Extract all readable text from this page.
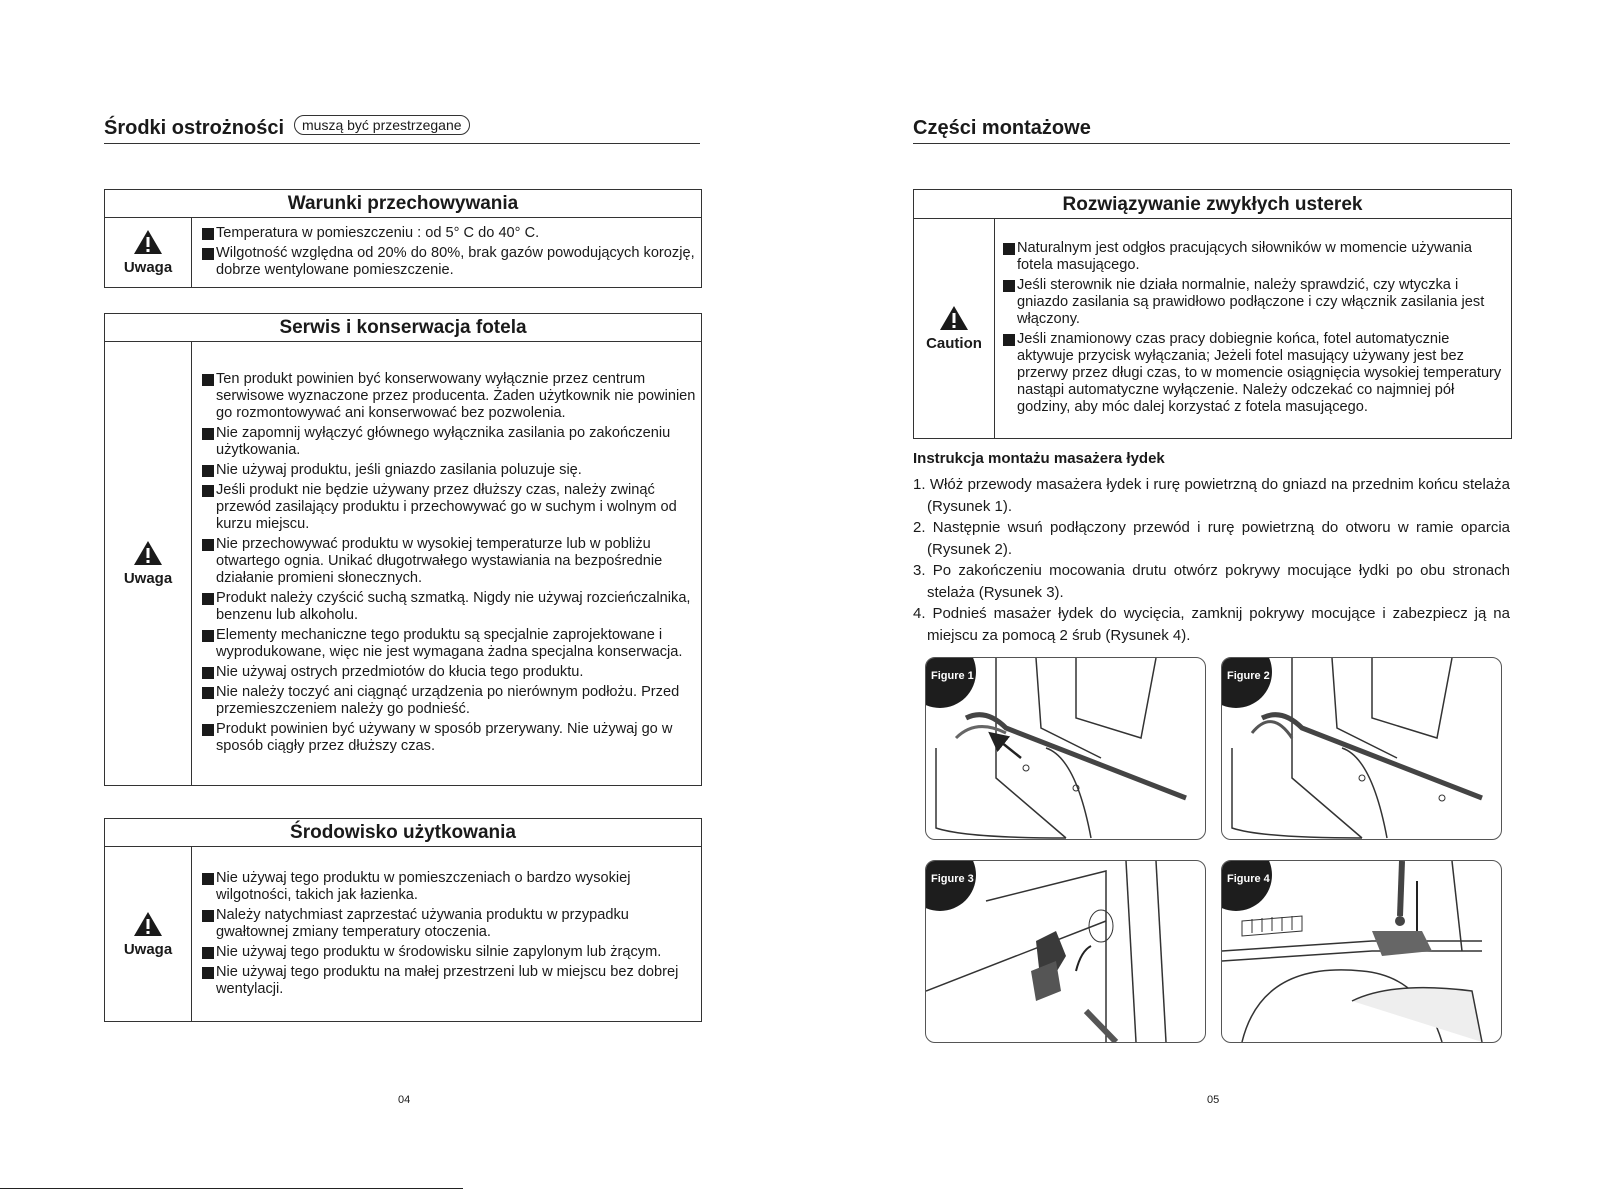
Środki ostrożności	muszą być przestrzegane
Warunki przechowywania
Uwaga
Temperatura w pomieszczeniu : od 5° C do 40° C.
Wilgotność względna od 20% do 80%, brak gazów powodujących korozję, dobrze wentylowane pomieszczenie.
Serwis i konserwacja fotela
Uwaga
Ten produkt powinien być konserwowany wyłącznie przez centrum serwisowe wyznaczone przez producenta. Żaden użytkownik nie powinien go rozmontowywać ani konserwować bez pozwolenia.
Nie zapomnij wyłączyć głównego wyłącznika zasilania po zakończeniu użytkowania.
Nie używaj produktu, jeśli gniazdo zasilania poluzuje się.
Jeśli produkt nie będzie używany przez dłuższy czas, należy zwinąć przewód zasilający produktu i przechowywać go w suchym i wolnym od kurzu miejscu.
Nie przechowywać produktu w wysokiej temperaturze lub w pobliżu otwartego ognia. Unikać długotrwałego wystawiania na bezpośrednie działanie promieni słonecznych.
Produkt należy czyścić suchą szmatką. Nigdy nie używaj rozcieńczalnika, benzenu lub alkoholu.
Elementy mechaniczne tego produktu są specjalnie zaprojektowane i wyprodukowane, więc nie jest wymagana żadna specjalna konserwacja.
Nie używaj ostrych przedmiotów do kłucia tego produktu.
Nie należy toczyć ani ciągnąć urządzenia po nierównym podłożu. Przed przemieszczeniem należy go podnieść.
Produkt powinien być używany w sposób przerywany. Nie używaj go w sposób ciągły przez dłuższy czas.
Środowisko użytkowania
Uwaga
Nie używaj tego produktu w pomieszczeniach o bardzo wysokiej wilgotności, takich jak łazienka.
Należy natychmiast zaprzestać używania produktu w przypadku gwałtownej zmiany temperatury otoczenia.
Nie używaj tego produktu w środowisku silnie zapylonym lub żrącym.
Nie używaj tego produktu na małej przestrzeni lub w miejscu bez dobrej wentylacji.
04
Części montażowe
Rozwiązywanie zwykłych usterek
Caution
Naturalnym jest odgłos pracujących siłowników w momencie używania fotela masującego.
Jeśli sterownik nie działa normalnie, należy sprawdzić, czy wtyczka i gniazdo zasilania są prawidłowo podłączone i czy włącznik zasilania jest włączony.
Jeśli znamionowy czas pracy dobiegnie końca, fotel automatycznie aktywuje przycisk wyłączania; Jeżeli fotel masujący używany jest bez przerwy przez długi czas, to w momencie osiągnięcia wysokiej temperatury nastąpi automatyczne wyłączenie. Należy odczekać co najmniej pół godziny, aby móc dalej korzystać z fotela masującego.
Instrukcja montażu masażera łydek
1. Włóż przewody masażera łydek i rurę powietrzną do gniazd na przednim końcu stelaża (Rysunek 1).
2. Następnie wsuń podłączony przewód i rurę powietrzną do otworu w ramie oparcia (Rysunek 2).
3. Po zakończeniu mocowania drutu otwórz pokrywy mocujące łydki po obu stronach stelaża (Rysunek 3).
4. Podnieś masażer łydek do wycięcia, zamknij pokrywy mocujące i zabezpiecz ją na miejscu za pomocą 2 śrub (Rysunek 4).
Figure 1	Figure 2
Figure 3	Figure 4
05
